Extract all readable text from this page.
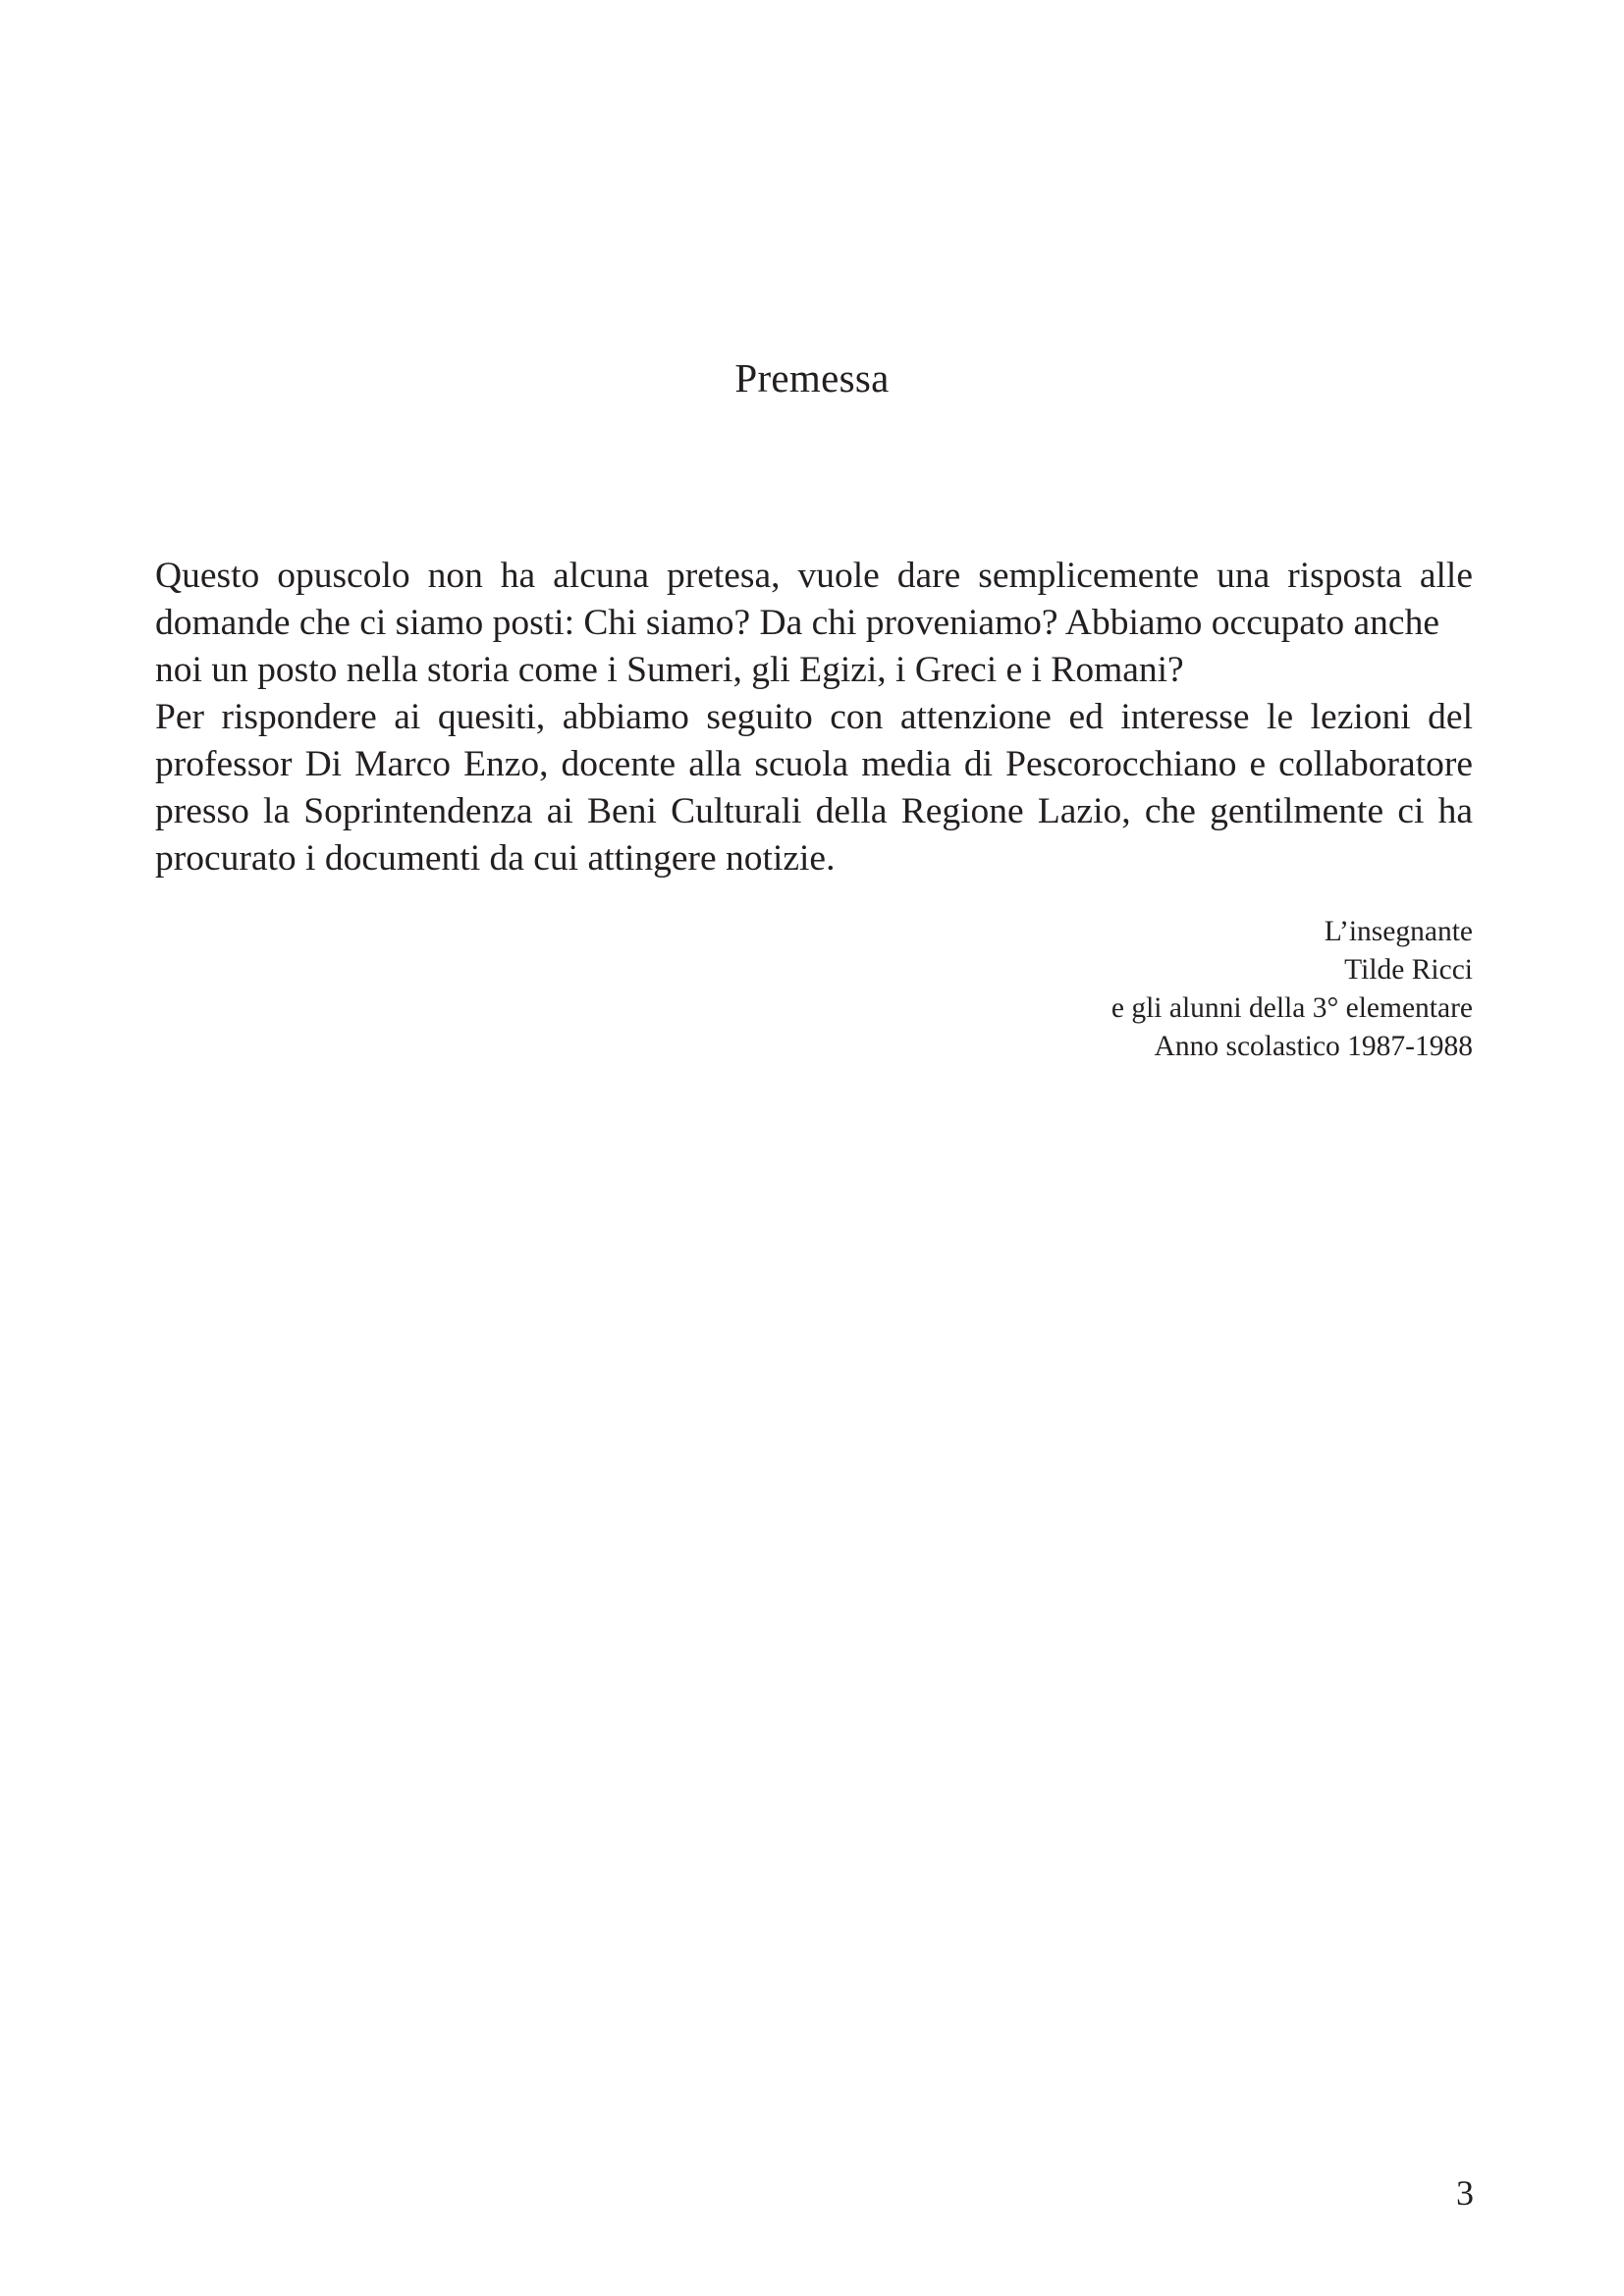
Premessa
Questo opuscolo non ha alcuna pretesa, vuole dare semplicemente una risposta alle
domande che ci siamo posti: Chi siamo? Da chi proveniamo? Abbiamo occupato anche
noi un posto nella storia come i Sumeri, gli Egizi, i Greci e i Romani?
Per rispondere ai quesiti, abbiamo seguito con attenzione ed interesse le lezioni del
professor Di Marco Enzo, docente alla scuola media di Pescorocchiano e collaboratore
presso la Soprintendenza ai Beni Culturali della Regione Lazio, che gentilmente ci ha
procurato i documenti da cui attingere notizie.
L’insegnante
Tilde Ricci
e gli alunni della 3° elementare
Anno scolastico 1987-1988
3
